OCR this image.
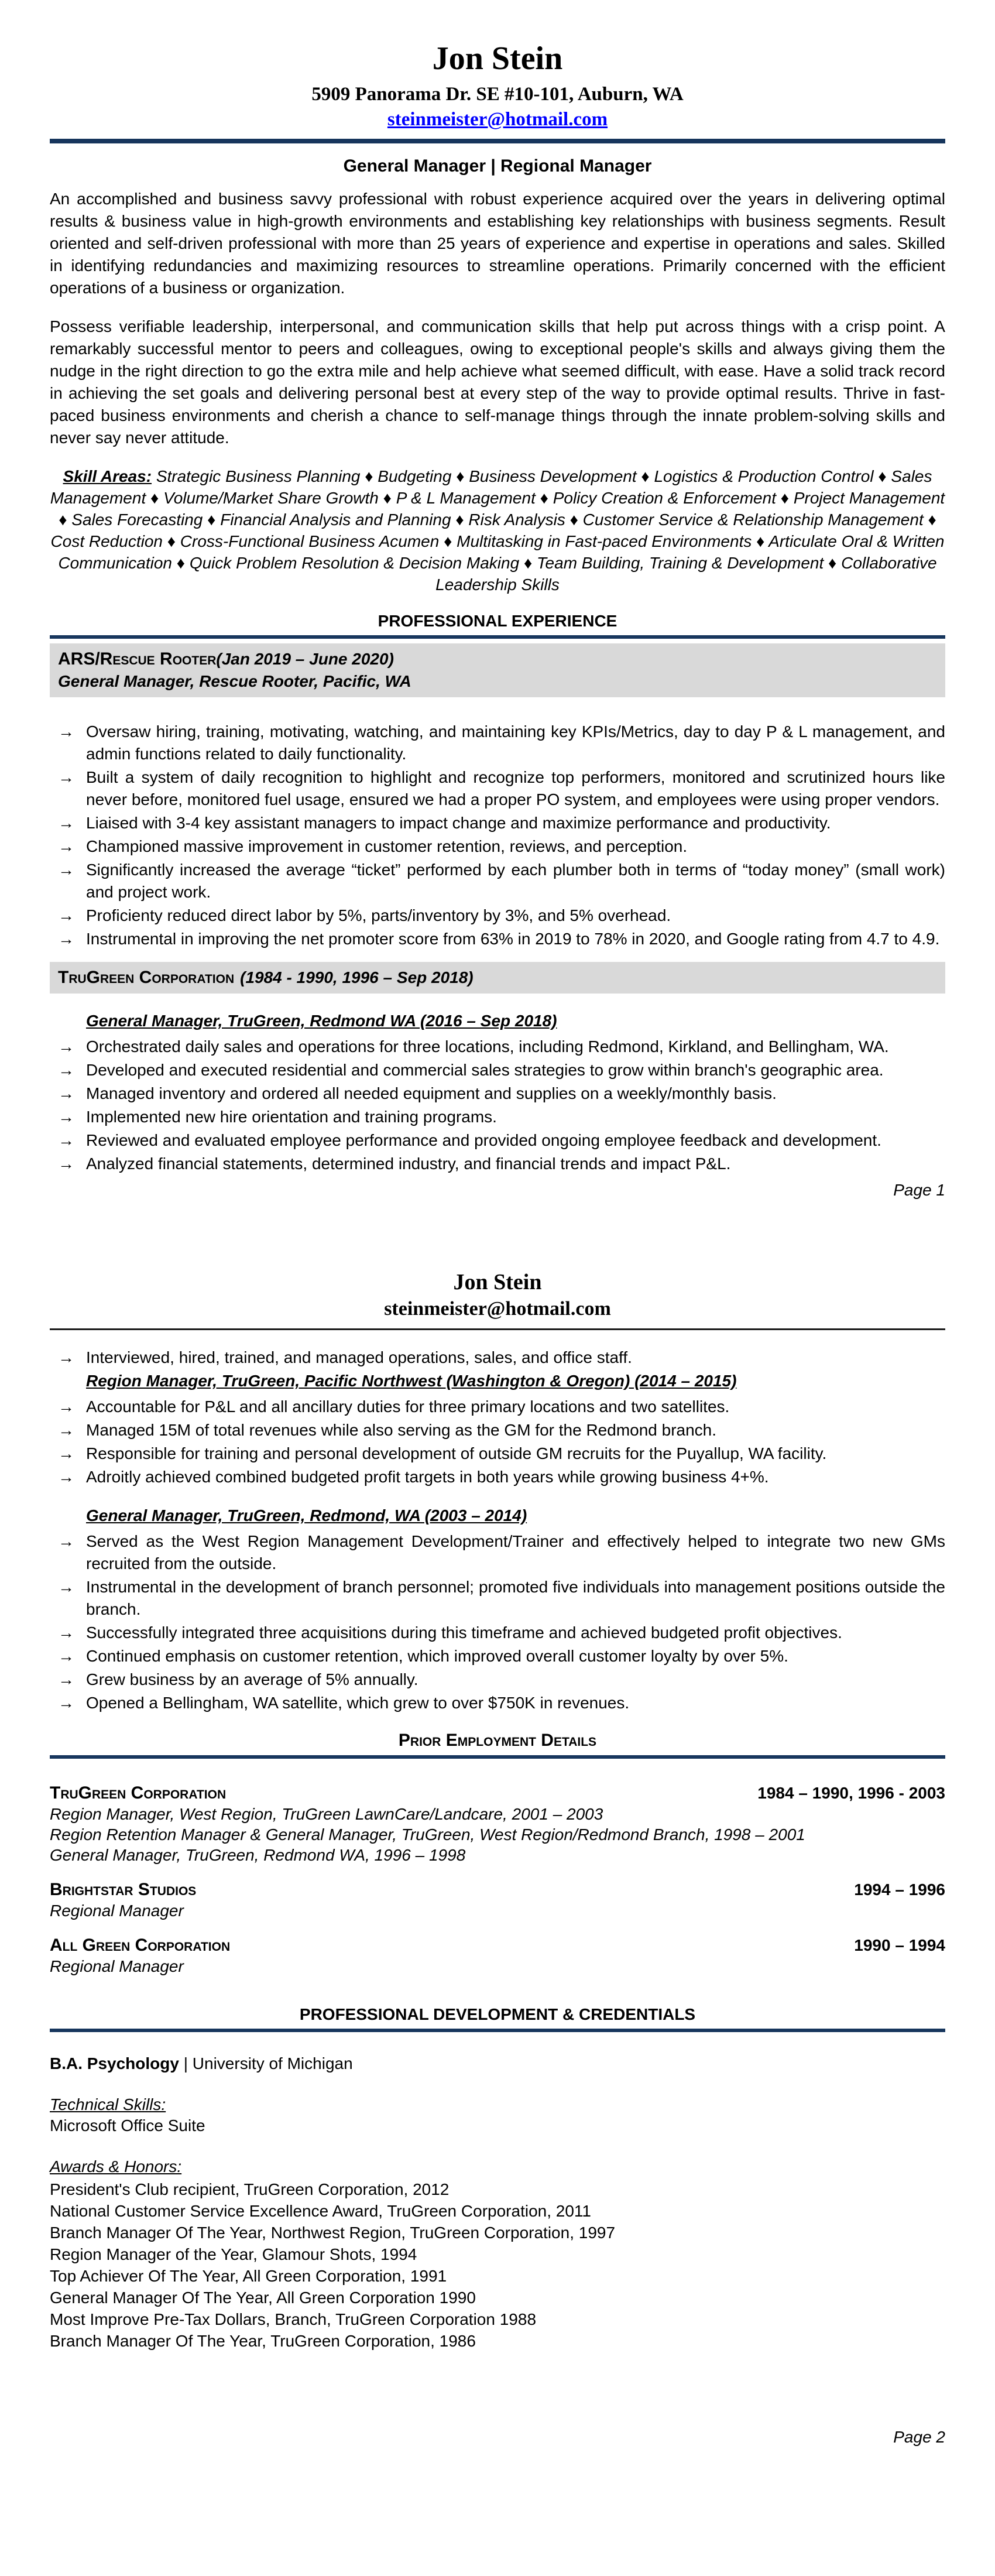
Jon Stein
5909 Panorama Dr. SE #10-101, Auburn, WA
steinmeister@hotmail.com
General Manager | Regional Manager

An accomplished and business savvy professional with robust experience acquired over the years in delivering optimal results & business value in high-growth environments and establishing key relationships with business segments. Result oriented and self-driven professional with more than 25 years of experience and expertise in operations and sales. Skilled in identifying redundancies and maximizing resources to streamline operations. Primarily concerned with the efficient operations of a business or organization.

Possess verifiable leadership, interpersonal, and communication skills that help put across things with a crisp point. A remarkably successful mentor to peers and colleagues, owing to exceptional people's skills and always giving them the nudge in the right direction to go the extra mile and help achieve what seemed difficult, with ease. Have a solid track record in achieving the set goals and delivering personal best at every step of the way to provide optimal results. Thrive in fast-paced business environments and cherish a chance to self-manage things through the innate problem-solving skills and never say never attitude.

Skill Areas: Strategic Business Planning ♦ Budgeting ♦ Business Development ♦ Logistics & Production Control ♦ Sales Management ♦ Volume/Market Share Growth ♦ P & L Management ♦ Policy Creation & Enforcement ♦ Project Management ♦ Sales Forecasting ♦ Financial Analysis and Planning ♦ Risk Analysis ♦ Customer Service & Relationship Management ♦ Cost Reduction ♦ Cross-Functional Business Acumen ♦ Multitasking in Fast-paced Environments ♦ Articulate Oral & Written Communication ♦ Quick Problem Resolution & Decision Making ♦ Team Building, Training & Development ♦ Collaborative Leadership Skills
PROFESSIONAL EXPERIENCE
ARS/Rescue Rooter(Jan 2019 – June 2020)
General Manager, Rescue Rooter, Pacific, WA
→ Oversaw hiring, training, motivating, watching, and maintaining key KPIs/Metrics, day to day P & L management, and admin functions related to daily functionality.
→ Built a system of daily recognition to highlight and recognize top performers, monitored and scrutinized hours like never before, monitored fuel usage, ensured we had a proper PO system, and employees were using proper vendors.
→ Liaised with 3-4 key assistant managers to impact change and maximize performance and productivity.
→ Championed massive improvement in customer retention, reviews, and perception.
→ Significantly increased the average “ticket” performed by each plumber both in terms of “today money” (small work) and project work.
→ Proficienty reduced direct labor by 5%, parts/inventory by 3%, and 5% overhead.
→ Instrumental in improving the net promoter score from 63% in 2019 to 78% in 2020, and Google rating from 4.7 to 4.9.
TruGreen Corporation (1984 - 1990, 1996 – Sep 2018)
General Manager, TruGreen, Redmond WA (2016 – Sep 2018)
→ Orchestrated daily sales and operations for three locations, including Redmond, Kirkland, and Bellingham, WA.
→ Developed and executed residential and commercial sales strategies to grow within branch's geographic area.
→ Managed inventory and ordered all needed equipment and supplies on a weekly/monthly basis.
→ Implemented new hire orientation and training programs.
→ Reviewed and evaluated employee performance and provided ongoing employee feedback and development.
→ Analyzed financial statements, determined industry, and financial trends and impact P&L.
Page 1
Jon Stein
steinmeister@hotmail.com
→ Interviewed, hired, trained, and managed operations, sales, and office staff.
Region Manager, TruGreen, Pacific Northwest (Washington & Oregon) (2014 – 2015)
→ Accountable for P&L and all ancillary duties for three primary locations and two satellites.
→ Managed 15M of total revenues while also serving as the GM for the Redmond branch.
→ Responsible for training and personal development of outside GM recruits for the Puyallup, WA facility.
→ Adroitly achieved combined budgeted profit targets in both years while growing business 4+%.
General Manager, TruGreen, Redmond, WA (2003 – 2014)
→ Served as the West Region Management Development/Trainer and effectively helped to integrate two new GMs recruited from the outside.
→ Instrumental in the development of branch personnel; promoted five individuals into management positions outside the branch.
→ Successfully integrated three acquisitions during this timeframe and achieved budgeted profit objectives.
→ Continued emphasis on customer retention, which improved overall customer loyalty by over 5%.
→ Grew business by an average of 5% annually.
→ Opened a Bellingham, WA satellite, which grew to over $750K in revenues.
Prior Employment Details
TruGreen Corporation	1984 – 1990, 1996 - 2003
Region Manager, West Region, TruGreen LawnCare/Landcare, 2001 – 2003
Region Retention Manager & General Manager, TruGreen, West Region/Redmond Branch, 1998 – 2001
General Manager, TruGreen, Redmond WA, 1996 – 1998
Brightstar Studios	1994 – 1996
Regional Manager
All Green Corporation	1990 – 1994
Regional Manager
PROFESSIONAL DEVELOPMENT & CREDENTIALS
B.A. Psychology | University of Michigan
Technical Skills:
Microsoft Office Suite
Awards & Honors:
President's Club recipient, TruGreen Corporation, 2012
National Customer Service Excellence Award, TruGreen Corporation, 2011
Branch Manager Of The Year, Northwest Region, TruGreen Corporation, 1997
Region Manager of the Year, Glamour Shots, 1994
Top Achiever Of The Year, All Green Corporation, 1991
General Manager Of The Year, All Green Corporation 1990
Most Improve Pre-Tax Dollars, Branch, TruGreen Corporation 1988
Branch Manager Of The Year, TruGreen Corporation, 1986
Page 2
